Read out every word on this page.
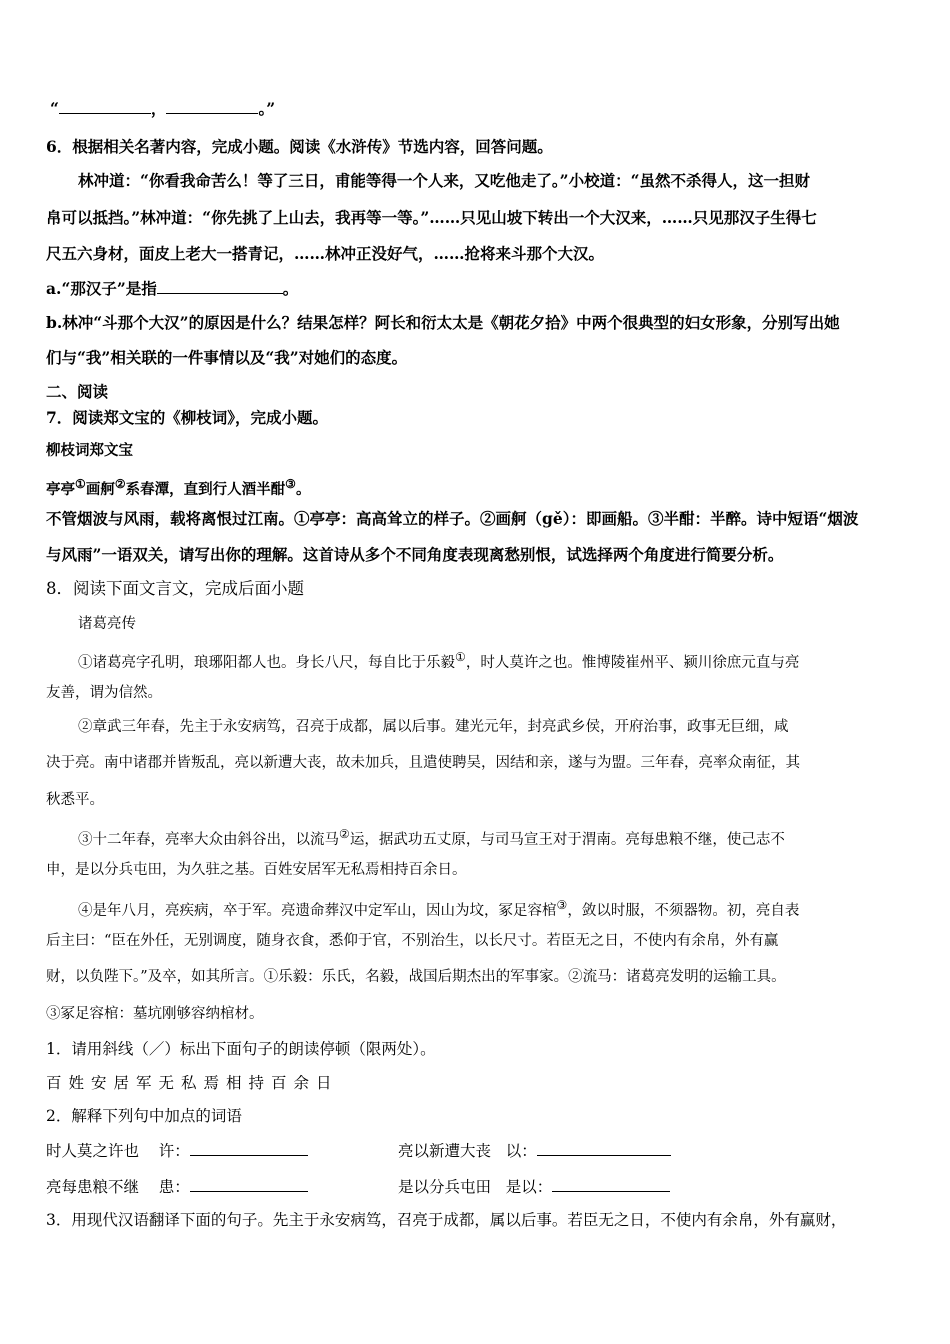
“	，	。”
6．根据相关名著内容，完成小题。阅读《水浒传》节选内容，回答问题。
林冲道：“你看我命苦么！等了三日，甫能等得一个人来，又吃他走了。”小校道：“虽然不杀得人，这一担财
帛可以抵挡。”林冲道：“你先挑了上山去，我再等一等。”……只见山坡下转出一个大汉来，……只见那汉子生得七
尺五六身材，面皮上老大一搭青记，……林冲正没好气，……抢将来斗那个大汉。
a.“那汉子”是指	。
b.林冲“斗那个大汉”的原因是什么？结果怎样？阿长和衍太太是《朝花夕拾》中两个很典型的妇女形象，分别写出她
们与“我”相关联的一件事情以及“我”对她们的态度。
二、阅读
7．阅读郑文宝的《柳枝词》，完成小题。
柳枝词郑文宝
亭亭①画舸②系春潭，直到行人酒半酣③。
不管烟波与风雨，载将离恨过江南。①亭亭：高高耸立的样子。②画舸（gě）：即画船。③半酣：半醉。诗中短语“烟波
与风雨”一语双关，请写出你的理解。这首诗从多个不同角度表现离愁别恨，试选择两个角度进行简要分析。
8．阅读下面文言文，完成后面小题
诸葛亮传
①诸葛亮字孔明，琅琊阳都人也。身长八尺，每自比于乐毅①，时人莫许之也。惟博陵崔州平、颍川徐庶元直与亮
友善，谓为信然。
②章武三年春，先主于永安病笃，召亮于成都，属以后事。建光元年，封亮武乡侯，开府治事，政事无巨细，咸
决于亮。南中诸郡并皆叛乱，亮以新遭大丧，故未加兵，且遣使聘吴，因结和亲，遂与为盟。三年春，亮率众南征，其
秋悉平。
③十二年春，亮率大众由斜谷出，以流马②运，据武功五丈原，与司马宣王对于渭南。亮每患粮不继，使己志不
申，是以分兵屯田，为久驻之基。百姓安居军无私焉相持百余日。
④是年八月，亮疾病，卒于军。亮遗命葬汉中定军山，因山为坟，冢足容棺③，敛以时服，不须器物。初，亮自表
后主曰：“臣在外任，无别调度，随身衣食，悉仰于官，不别治生，以长尺寸。若臣无之日，不使内有余帛，外有赢
财，以负陛下。”及卒，如其所言。①乐毅：乐氏，名毅，战国后期杰出的军事家。②流马：诸葛亮发明的运输工具。
③冢足容棺：墓坑刚够容纳棺材。
1．请用斜线（／）标出下面句子的朗读停顿（限两处）。
百姓安居军无私焉相持百余日
2．解释下列句中加点的词语
时人莫之许也 许：	亮以新遭大丧 以：
亮每患粮不继 患：	是以分兵屯田 是以：
3．用现代汉语翻译下面的句子。先主于永安病笃，召亮于成都，属以后事。若臣无之日，不使内有余帛，外有赢财，
